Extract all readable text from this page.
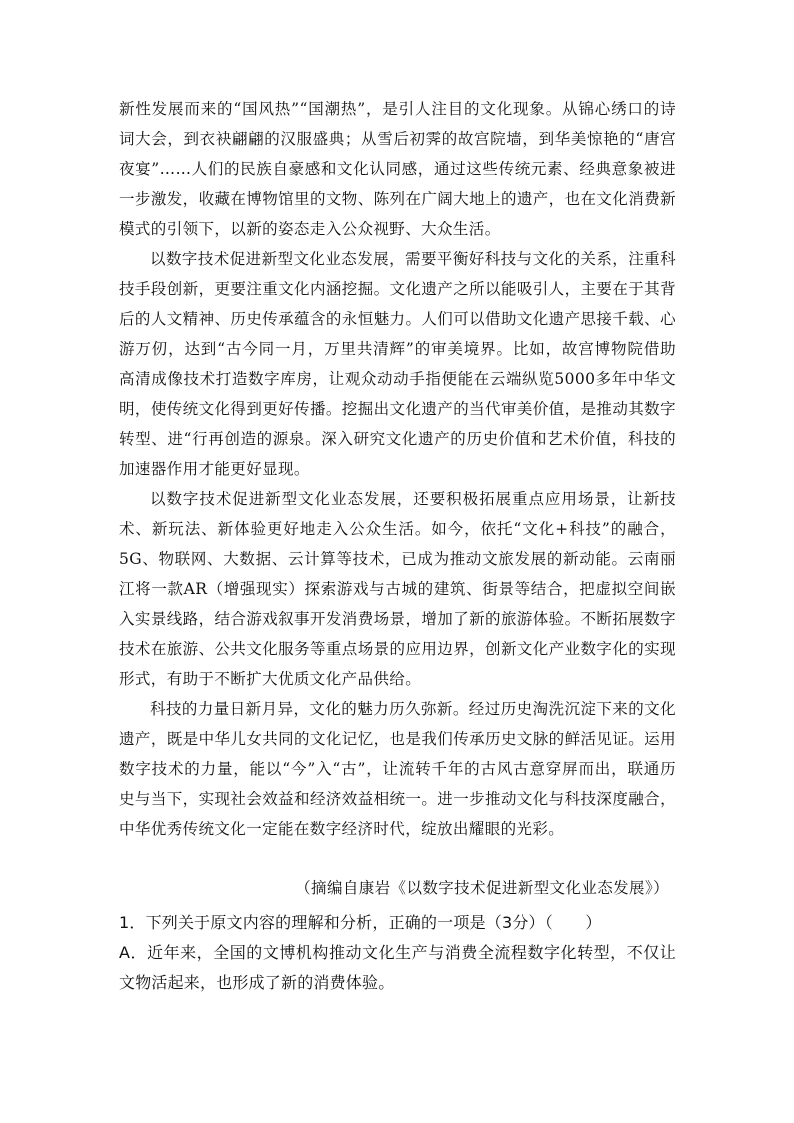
新性发展而来的“国风热”“国潮热”，是引人注目的文化现象。从锦心绣口的诗词大会，到衣袂翩翩的汉服盛典；从雪后初霁的故宫院墙，到华美惊艳的“唐宫夜宴”……人们的民族自豪感和文化认同感，通过这些传统元素、经典意象被进一步激发，收藏在博物馆里的文物、陈列在广阔大地上的遗产，也在文化消费新模式的引领下，以新的姿态走入公众视野、大众生活。

以数字技术促进新型文化业态发展，需要平衡好科技与文化的关系，注重科技手段创新，更要注重文化内涵挖掘。文化遗产之所以能吸引人，主要在于其背后的人文精神、历史传承蕴含的永恒魅力。人们可以借助文化遗产思接千载、心游万仞，达到“古今同一月，万里共清辉”的审美境界。比如，故宫博物院借助高清成像技术打造数字库房，让观众动动手指便能在云端纵览5000多年中华文明，使传统文化得到更好传播。挖掘出文化遗产的当代审美价值，是推动其数字转型、进“行再创造的源泉。深入研究文化遗产的历史价值和艺术价值，科技的加速器作用才能更好显现。

以数字技术促进新型文化业态发展，还要积极拓展重点应用场景，让新技术、新玩法、新体验更好地走入公众生活。如今，依托“文化+科技”的融合，5G、物联网、大数据、云计算等技术，已成为推动文旅发展的新动能。云南丽江将一款AR（增强现实）探索游戏与古城的建筑、街景等结合，把虚拟空间嵌入实景线路，结合游戏叙事开发消费场景，增加了新的旅游体验。不断拓展数字技术在旅游、公共文化服务等重点场景的应用边界，创新文化产业数字化的实现形式，有助于不断扩大优质文化产品供给。

科技的力量日新月异，文化的魅力历久弥新。经过历史淘洗沉淀下来的文化遗产，既是中华儿女共同的文化记忆，也是我们传承历史文脉的鲜活见证。运用数字技术的力量，能以“今”入“古”，让流转千年的古风古意穿屏而出，联通历史与当下，实现社会效益和经济效益相统一。进一步推动文化与科技深度融合，中华优秀传统文化一定能在数字经济时代，绽放出耀眼的光彩。

（摘编自康岩《以数字技术促进新型文化业态发展》）

1．下列关于原文内容的理解和分析，正确的一项是（3分）（　　）

A．近年来，全国的文博机构推动文化生产与消费全流程数字化转型，不仅让文物活起来，也形成了新的消费体验。
